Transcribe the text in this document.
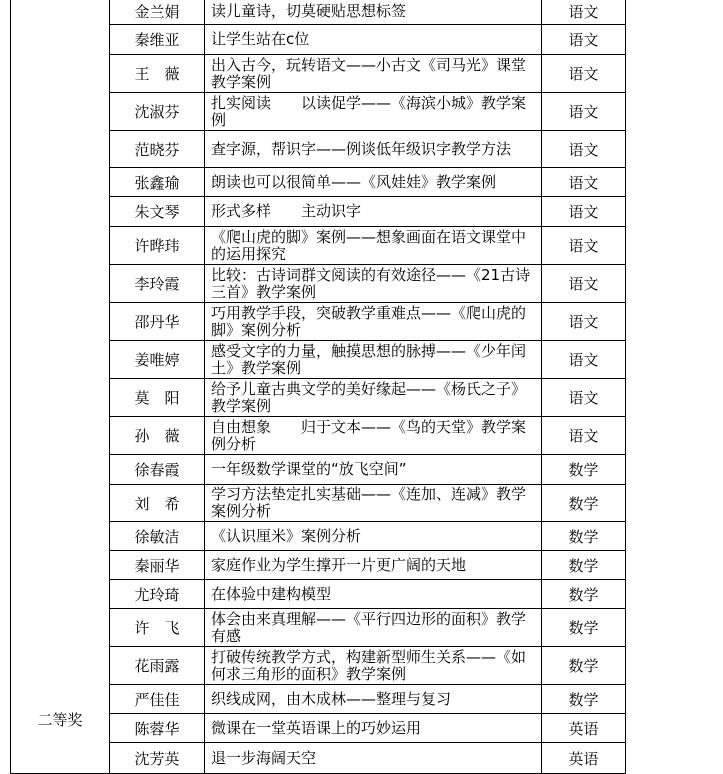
二等奖	金兰娟	读儿童诗，切莫硬贴思想标签	语文
	秦维亚	让学生站在c位	语文
	王　薇	出入古今，玩转语文——小古文《司马光》课堂教学案例	语文
	沈淑芬	扎实阅读　　以读促学——《海滨小城》教学案例	语文
	范晓芬	查字源，帮识字——例谈低年级识字教学方法	语文
	张鑫瑜	朗读也可以很简单——《风娃娃》教学案例	语文
	朱文琴	形式多样　　主动识字	语文
	许晔玮	《爬山虎的脚》案例——想象画面在语文课堂中的运用探究	语文
	李玲霞	比较：古诗词群文阅读的有效途径——《21古诗三首》教学案例	语文
	邵丹华	巧用教学手段，突破教学重难点——《爬山虎的脚》案例分析	语文
	姜唯婷	感受文字的力量，触摸思想的脉搏——《少年闰土》教学案例	语文
	莫　阳	给予儿童古典文学的美好缘起——《杨氏之子》教学案例	语文
	孙　薇	自由想象　　归于文本——《鸟的天堂》教学案例分析	语文
	徐春霞	一年级数学课堂的“放飞空间”	数学
	刘　希	学习方法垫定扎实基础——《连加、连减》教学案例分析	数学
	徐敏洁	《认识厘米》案例分析	数学
	秦丽华	家庭作业为学生撑开一片更广阔的天地	数学
	尤玲琦	在体验中建构模型	数学
	许　飞	体会由来真理解——《平行四边形的面积》教学有感	数学
	花雨露	打破传统教学方式，构建新型师生关系——《如何求三角形的面积》教学案例	数学
	严佳佳	织线成网，由木成林——整理与复习	数学
	陈蓉华	微课在一堂英语课上的巧妙运用	英语
	沈芳英	退一步海阔天空	英语
